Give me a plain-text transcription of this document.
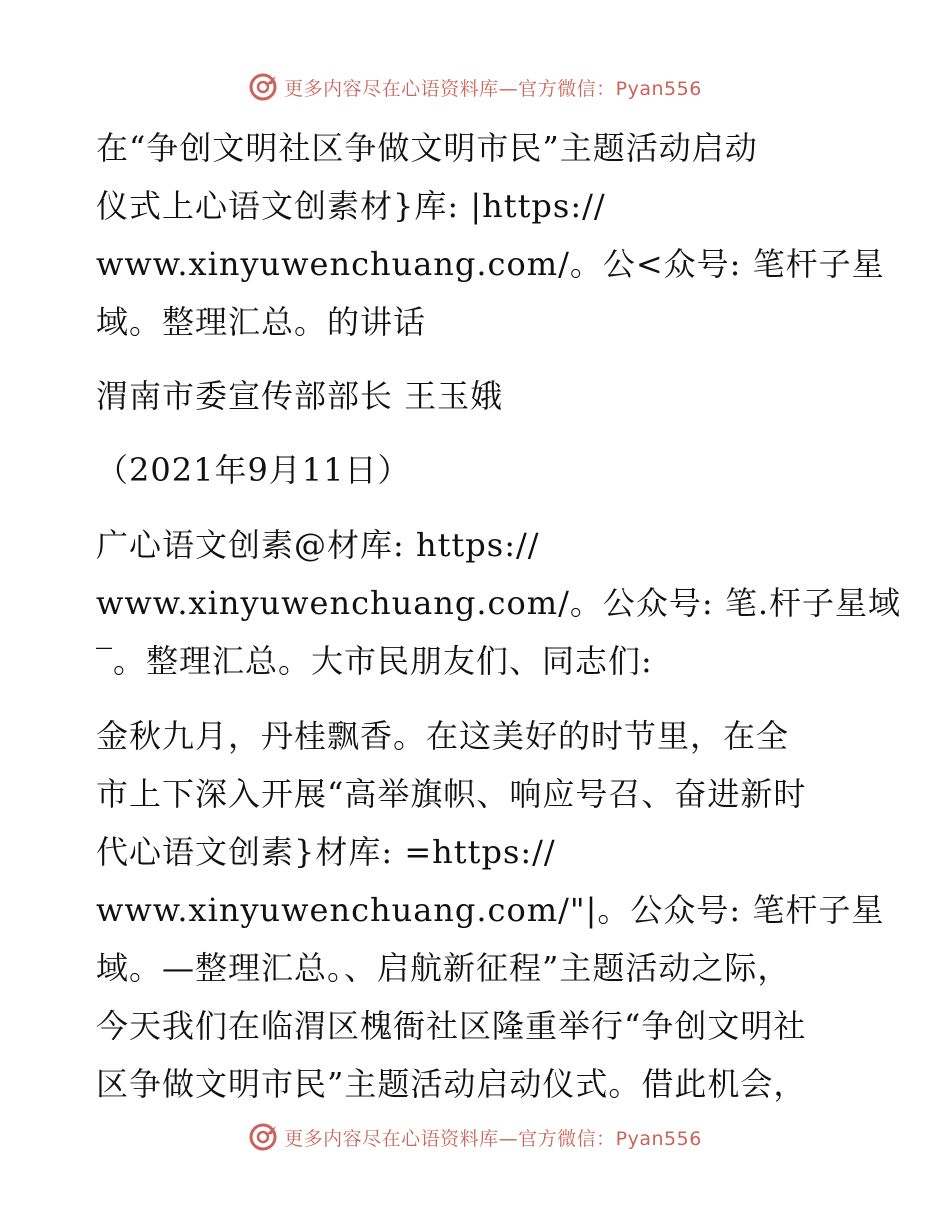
更多内容尽在心语资料库—官方微信：Pyan556
在“争创文明社区争做文明市民”主题活动启动
仪式上心语文创素材}库: |https://
www.xinyuwenchuang.com/。公<众号: 笔杆子星
域。整理汇总。的讲话
渭南市委宣传部部长 王玉娥
（2021年9月11日）
广心语文创素@材库: https://
www.xinyuwenchuang.com/。公众号: 笔.杆子星域
‾。整理汇总。大市民朋友们、同志们:
金秋九月，丹桂飘香。在这美好的时节里，在全
市上下深入开展“高举旗帜、响应号召、奋进新时
代心语文创素}材库: =https://
www.xinyuwenchuang.com/"|。公众号: 笔杆子星
域。—整理汇总。、启航新征程”主题活动之际，
今天我们在临渭区槐衙社区隆重举行“争创文明社
区争做文明市民”主题活动启动仪式。借此机会，
更多内容尽在心语资料库—官方微信：Pyan556
